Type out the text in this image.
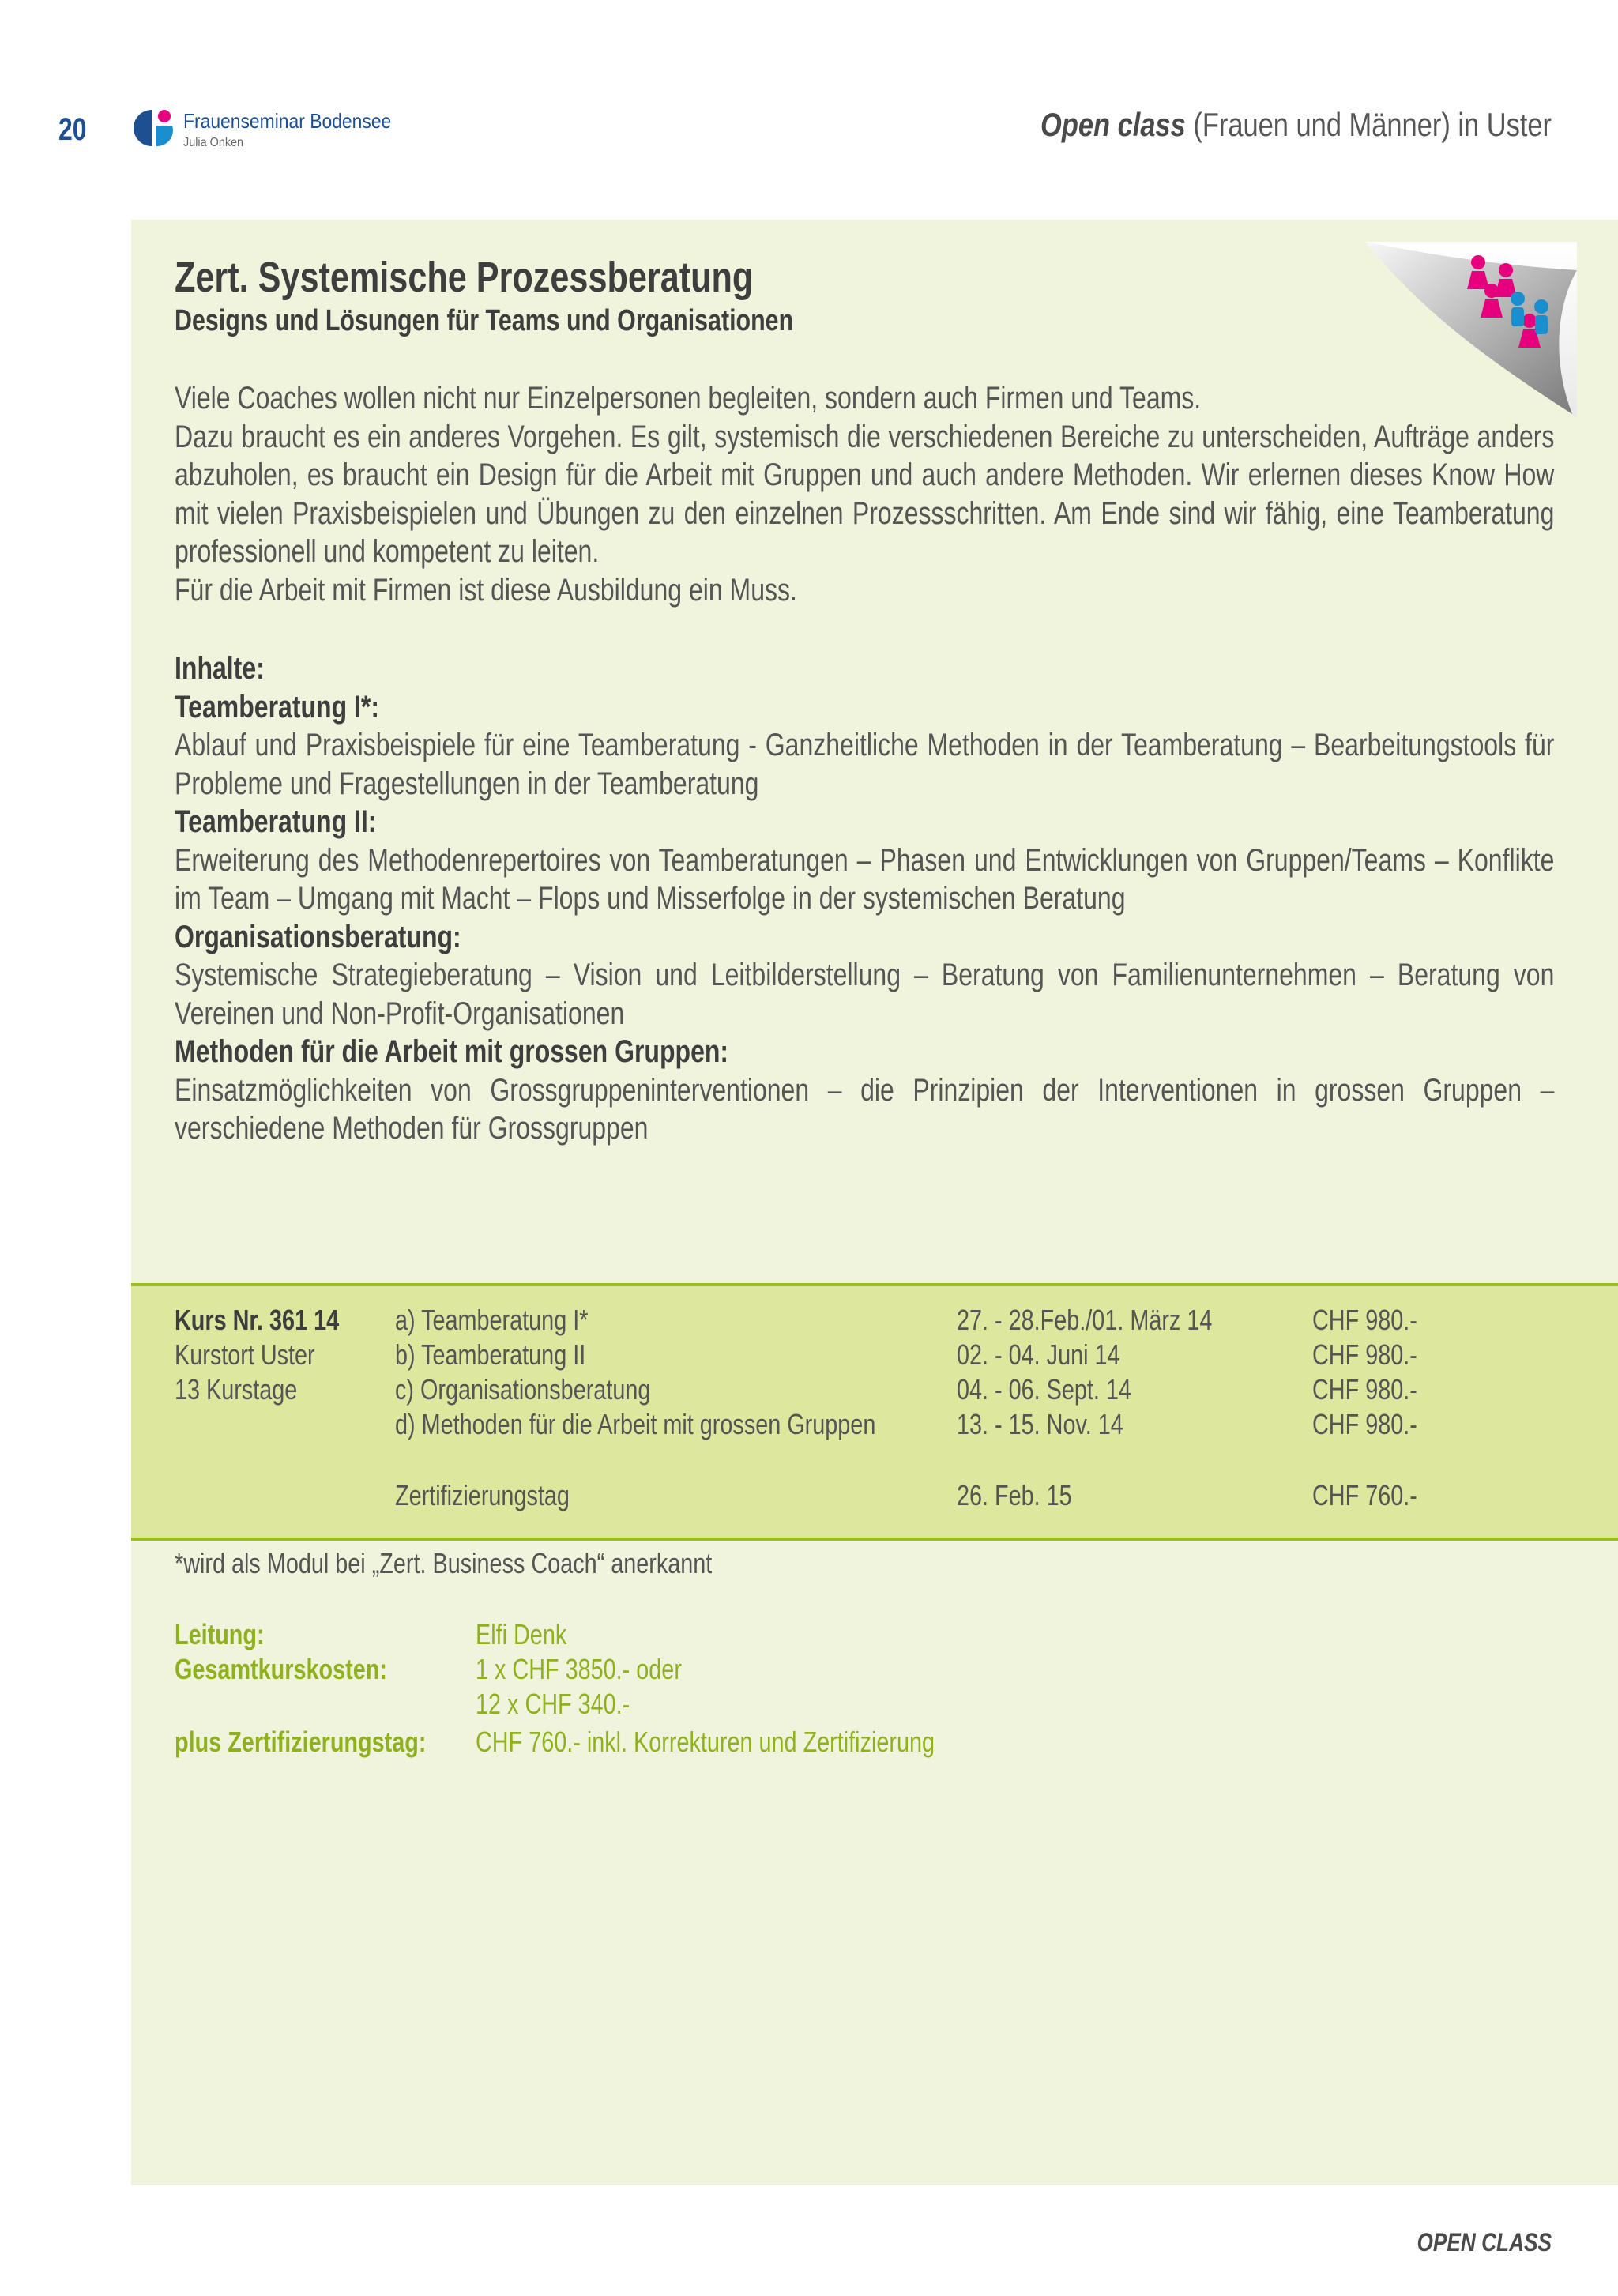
20	Frauenseminar Bodensee
Julia Onken	Open class (Frauen und Männer) in Uster
Zert. Systemische Prozessberatung
Designs und Lösungen für Teams und Organisationen

Viele Coaches wollen nicht nur Einzelpersonen begleiten, sondern auch Firmen und Teams.

Dazu braucht es ein anderes Vorgehen. Es gilt, systemisch die verschiedenen Bereiche zu unterscheiden, Aufträge anders abzuholen, es braucht ein Design für die Arbeit mit Gruppen und auch andere Methoden. Wir erlernen dieses Know How mit vielen Praxisbeispielen und Übungen zu den einzelnen Prozessschritten. Am Ende sind wir fähig, eine Teamberatung professionell und kompetent zu leiten.

Für die Arbeit mit Firmen ist diese Ausbildung ein Muss.

Inhalte:

Teamberatung I*:

Ablauf und Praxisbeispiele für eine Teamberatung - Ganzheitliche Methoden in der Teamberatung – Bearbeitungstools für Probleme und Fragestellungen in der Teamberatung

Teamberatung II:

Erweiterung des Methodenrepertoires von Teamberatungen – Phasen und Entwicklungen von Gruppen/Teams – Konflikte im Team – Umgang mit Macht – Flops und Misserfolge in der systemischen Beratung

Organisationsberatung:

Systemische Strategieberatung – Vision und Leitbilderstellung – Beratung von Familienunternehmen – Beratung von Vereinen und Non-Profit-Organisationen

Methoden für die Arbeit mit grossen Gruppen:

Einsatzmöglichkeiten von Grossgruppeninterventionen – die Prinzipien der Interventionen in grossen Gruppen – verschiedene Methoden für Grossgruppen

Kurs Nr. 361 14
Kurstort Uster
13 Kurstage
a) Teamberatung I*	27. - 28.Feb./01. März 14	CHF 980.-
b) Teamberatung II	02. - 04. Juni 14	CHF 980.-
c) Organisationsberatung	04. - 06. Sept. 14	CHF 980.-
d) Methoden für die Arbeit mit grossen Gruppen	13. - 15. Nov. 14	CHF 980.-
Zertifizierungstag	26. Feb. 15	CHF 760.-
*wird als Modul bei „Zert. Business Coach“ anerkannt
Leitung:	Elfi Denk
Gesamtkurskosten:	1 x CHF 3850.- oder
12 x CHF 340.-
plus Zertifizierungstag:	CHF 760.- inkl. Korrekturen und Zertifizierung
OPEN CLASS
